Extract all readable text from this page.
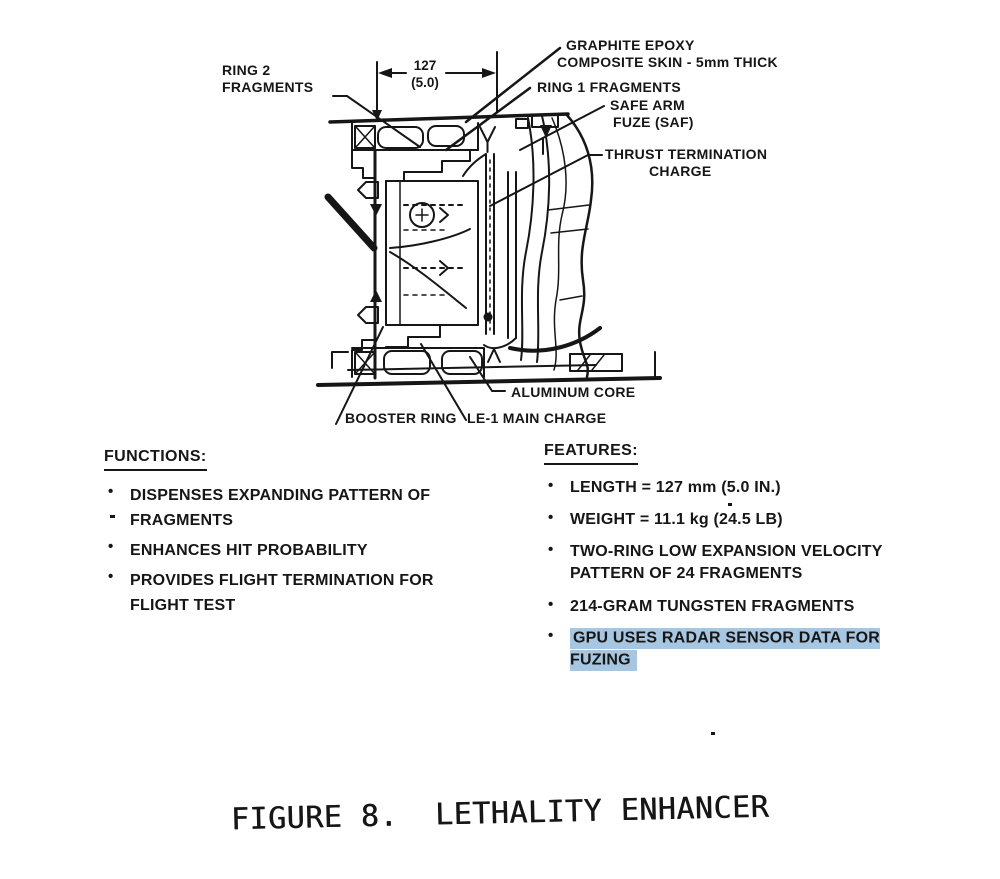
RING 2
FRAGMENTS
127
(5.0)
GRAPHITE EPOXY
COMPOSITE SKIN - 5mm THICK
RING 1 FRAGMENTS
SAFE ARM
FUZE (SAF)
THRUST TERMINATION
CHARGE
ALUMINUM CORE
BOOSTER RING LE-1 MAIN CHARGE
FUNCTIONS:
• DISPENSES EXPANDING PATTERN OF FRAGMENTS
• ENHANCES HIT PROBABILITY
• PROVIDES FLIGHT TERMINATION FOR FLIGHT TEST
FEATURES:
• LENGTH = 127 mm (5.0 IN.)
• WEIGHT = 11.1 kg (24.5 LB)
• TWO-RING LOW EXPANSION VELOCITY PATTERN OF 24 FRAGMENTS
• 214-GRAM TUNGSTEN FRAGMENTS
• GPU USES RADAR SENSOR DATA FOR FUZING
FIGURE 8.  LETHALITY ENHANCER
